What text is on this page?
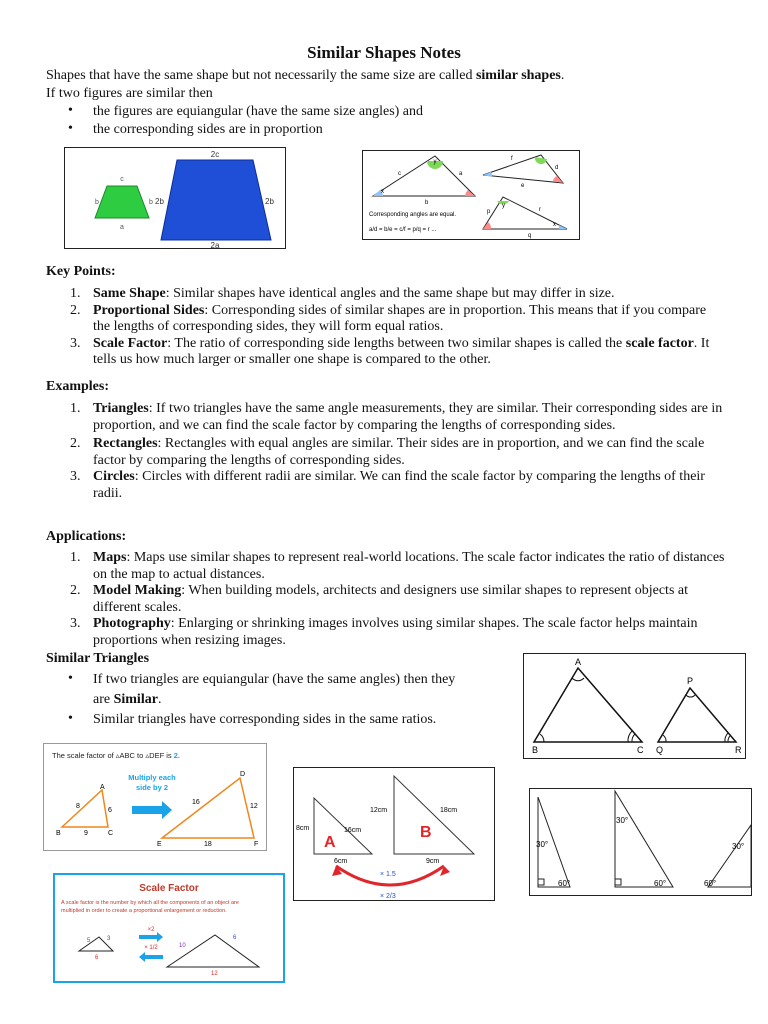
Similar Shapes Notes
Shapes that have the same shape but not necessarily the same size are called similar shapes.
If two figures are similar then
• the figures are equiangular (have the same size angles) and
• the corresponding sides are in proportion
c
b	b
a
2c
2b	2b
2a
y
x
c	a
b
f
d
e
y
x
p
q
r
Corresponding angles are equal.
a/d = b/e = c/f = p/q = r ...
Key Points:
1. Same Shape: Similar shapes have identical angles and the same shape but may differ in size.
2. Proportional Sides: Corresponding sides of similar shapes are in proportion. This means that if you compare the lengths of corresponding sides, they will form equal ratios.
3. Scale Factor: The ratio of corresponding side lengths between two similar shapes is called the scale factor. It tells us how much larger or smaller one shape is compared to the other.
Examples:
1. Triangles: If two triangles have the same angle measurements, they are similar. Their corresponding sides are in proportion, and we can find the scale factor by comparing the lengths of corresponding sides.
2. Rectangles: Rectangles with equal angles are similar. Their sides are in proportion, and we can find the scale factor by comparing the lengths of corresponding sides.
3. Circles: Circles with different radii are similar. We can find the scale factor by comparing the lengths of their radii.
Applications:
1. Maps: Maps use similar shapes to represent real-world locations. The scale factor indicates the ratio of distances on the map to actual distances.
2. Model Making: When building models, architects and designers use similar shapes to represent objects at different scales.
3. Photography: Enlarging or shrinking images involves using similar shapes. The scale factor helps maintain proportions when resizing images.
Similar Triangles
• If two triangles are equiangular (have the same angles) then they
are Similar.
• Similar triangles have corresponding sides in the same ratios.
A
B	C
P
Q	R
The scale factor of ▵ABC to ▵DEF is 2.
A
B	C
8
6
9
Multiply each
side by 2
D
E	F
16
12
18
8cm
12cm	18cm
16cm
6cm	9cm
A
B
× 1.5
× 2/3
30°
60°
30°
60°
30°
60°
Scale Factor
A scale factor is the number by which all the components of an object are
multiplied in order to create a proportional enlargement or reduction.
5	3
6
×2
× 1/2	10
6
12
